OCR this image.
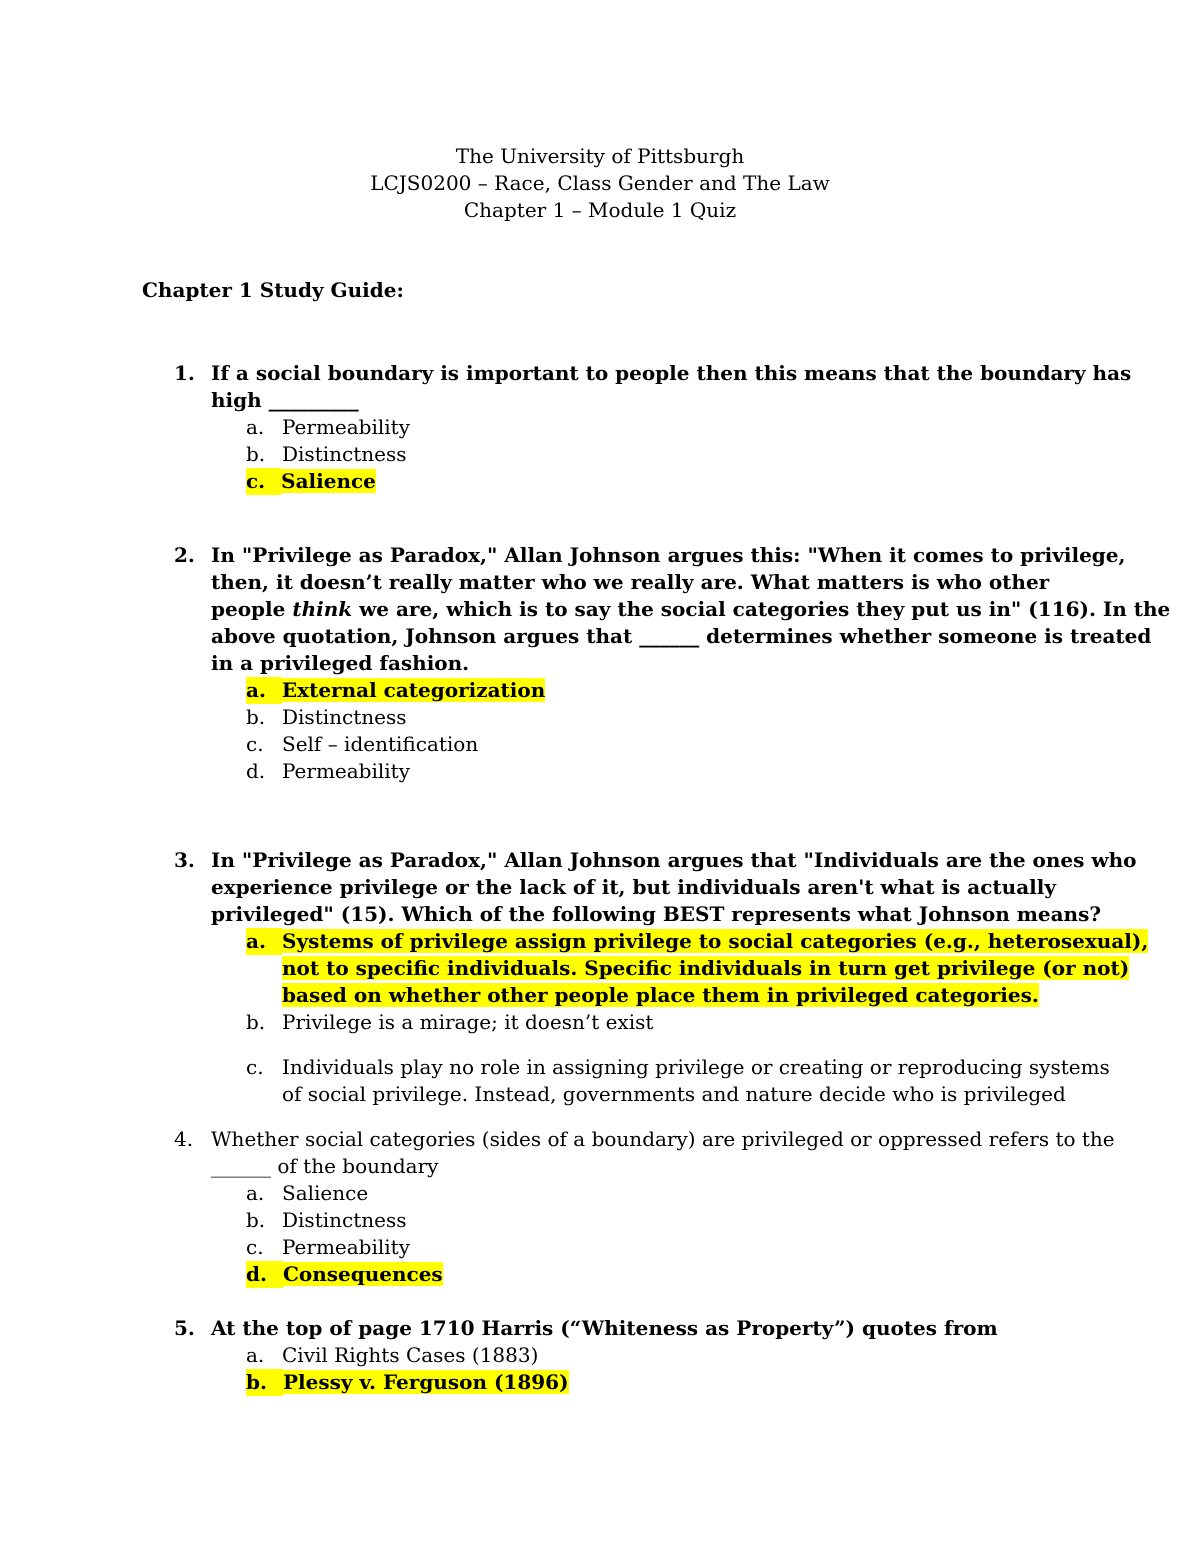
The University of Pittsburgh
LCJS0200 – Race, Class Gender and The Law
Chapter 1 – Module 1 Quiz
Chapter 1 Study Guide:
1. If a social boundary is important to people then this means that the boundary has
high _________
a. Permeability
b. Distinctness
c. Salience
2. In "Privilege as Paradox," Allan Johnson argues this: "When it comes to privilege,
then, it doesn’t really matter who we really are. What matters is who other
people think we are, which is to say the social categories they put us in" (116). In the
above quotation, Johnson argues that ______ determines whether someone is treated
in a privileged fashion.
a. External categorization
b. Distinctness
c. Self – identification
d. Permeability
3. In "Privilege as Paradox," Allan Johnson argues that "Individuals are the ones who
experience privilege or the lack of it, but individuals aren't what is actually
privileged" (15). Which of the following BEST represents what Johnson means?
a. Systems of privilege assign privilege to social categories (e.g., heterosexual),
not to specific individuals. Specific individuals in turn get privilege (or not)
based on whether other people place them in privileged categories.
b. Privilege is a mirage; it doesn’t exist
c. Individuals play no role in assigning privilege or creating or reproducing systems
of social privilege. Instead, governments and nature decide who is privileged
4. Whether social categories (sides of a boundary) are privileged or oppressed refers to the
______ of the boundary
a. Salience
b. Distinctness
c. Permeability
d. Consequences
5. At the top of page 1710 Harris (“Whiteness as Property”) quotes from
a. Civil Rights Cases (1883)
b. Plessy v. Ferguson (1896)
